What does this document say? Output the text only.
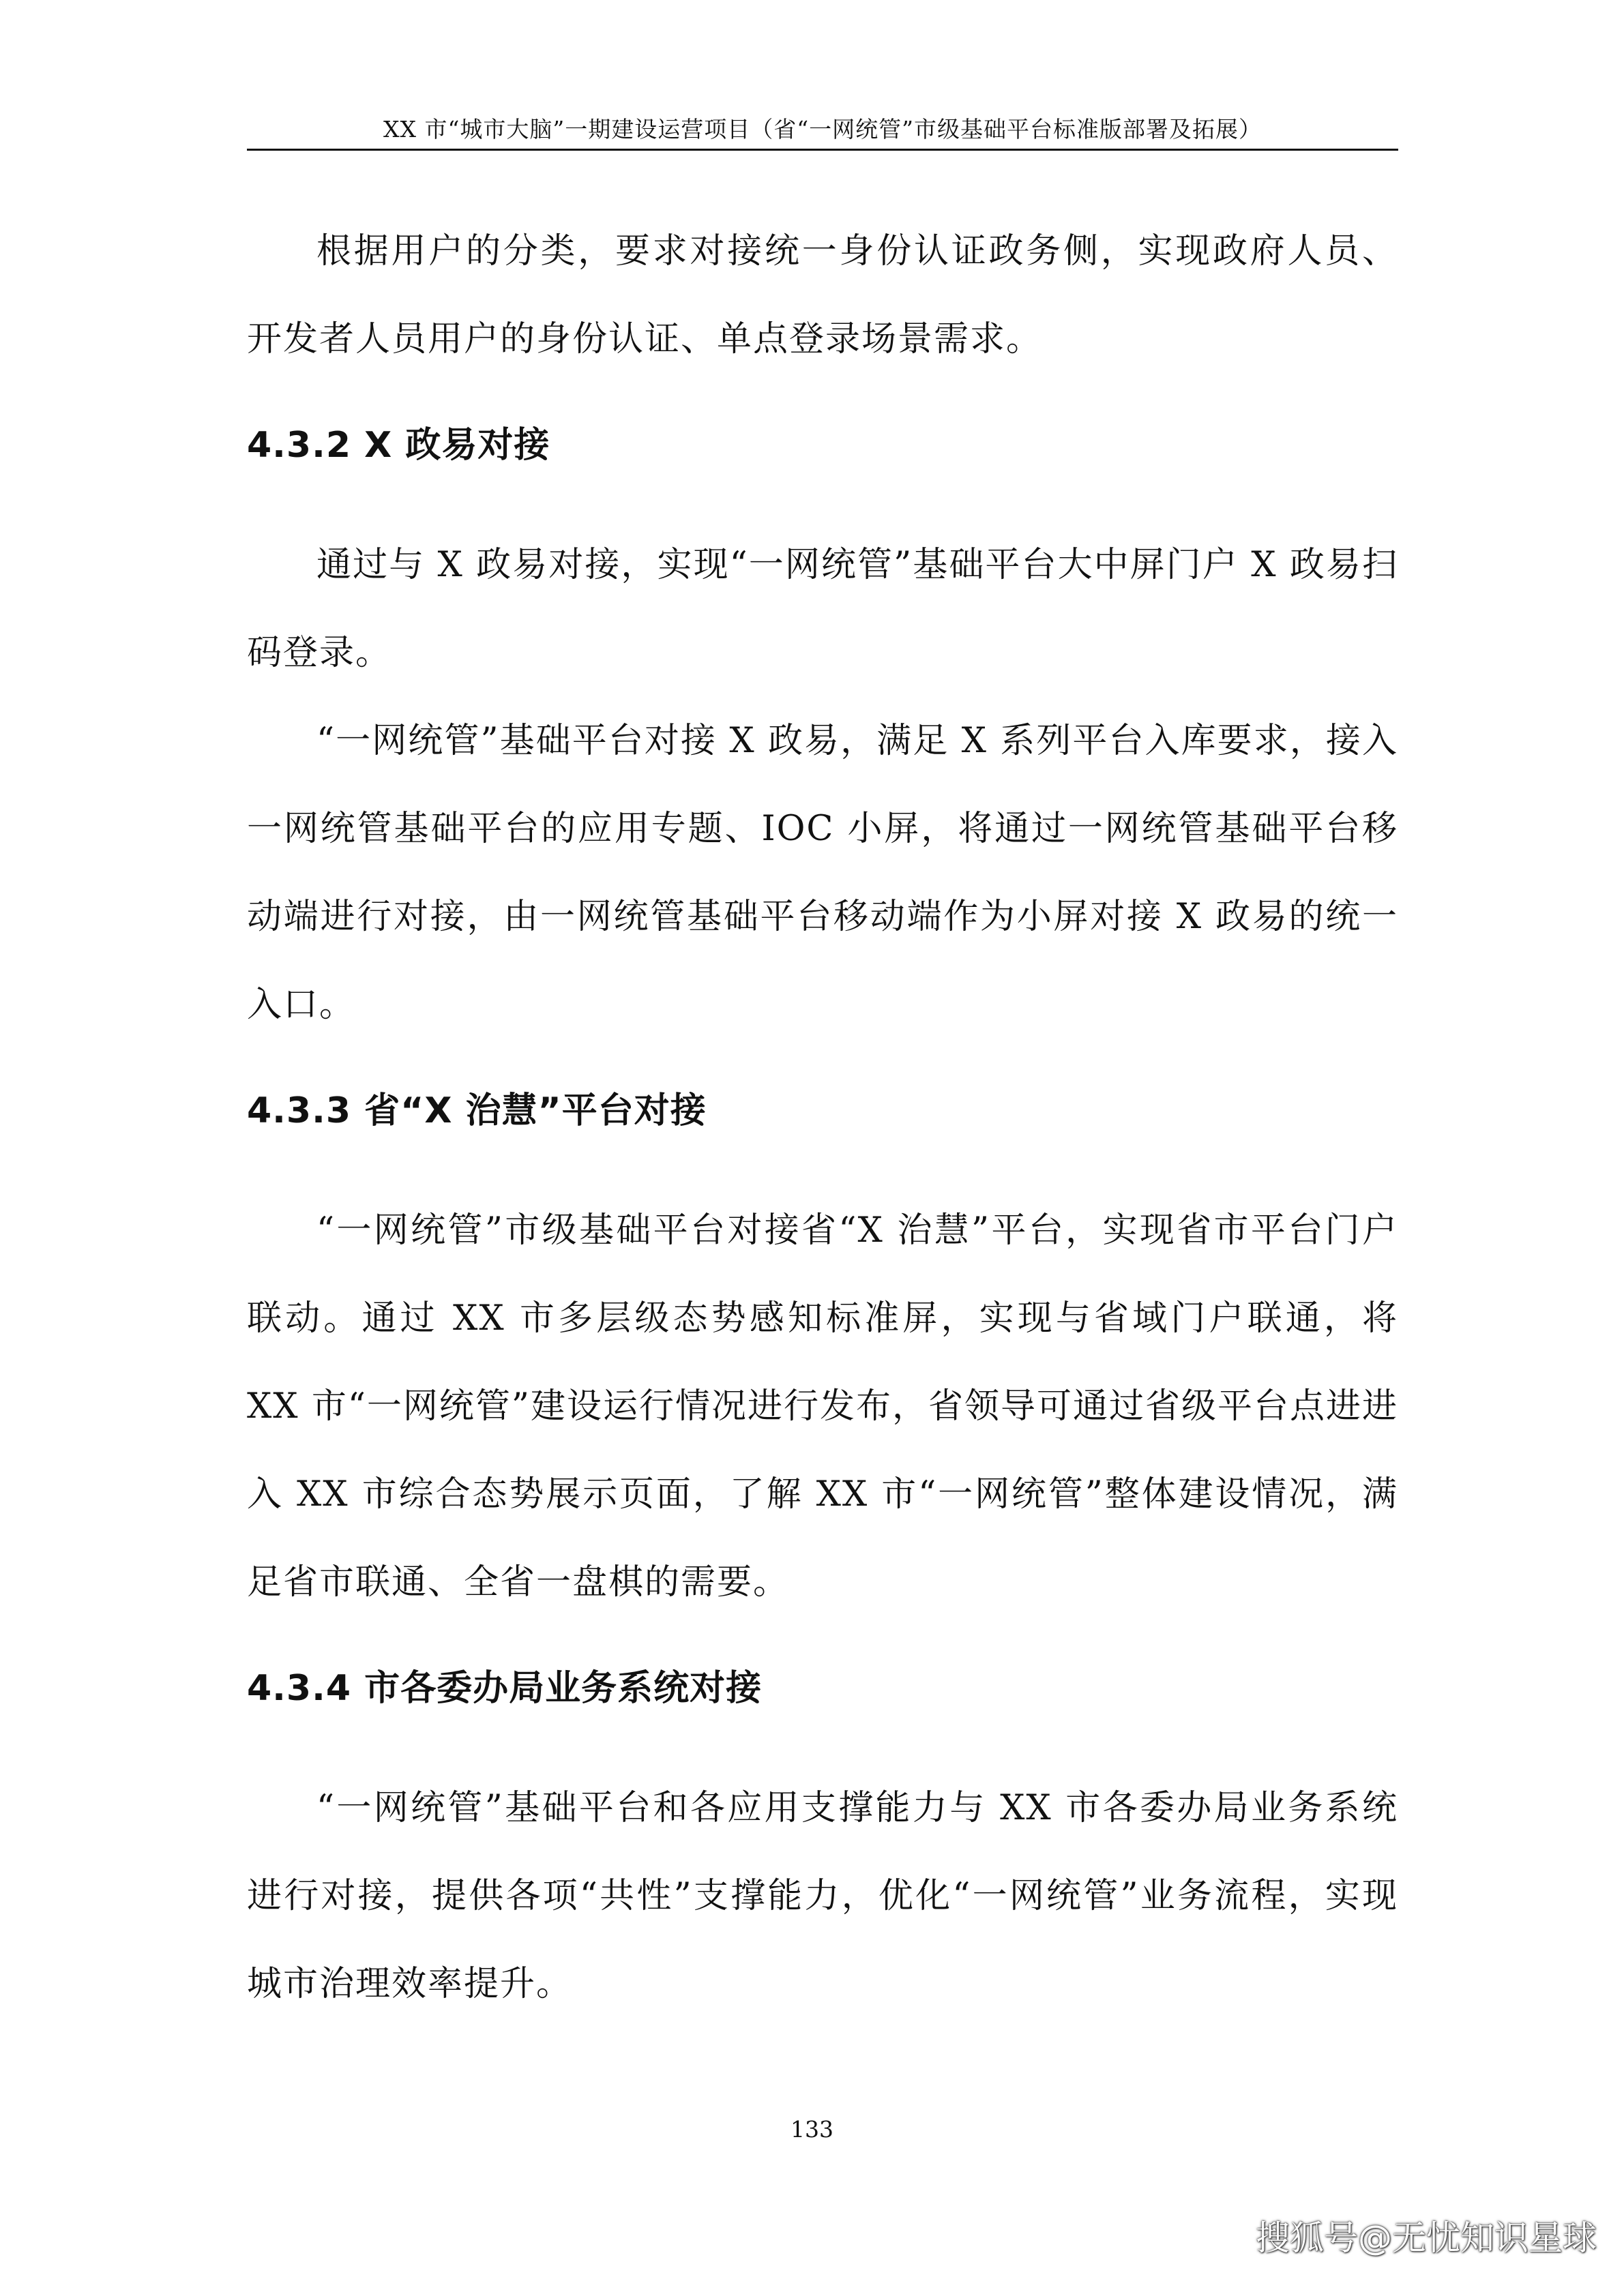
XX 市“城市大脑”一期建设运营项目（省“一网统管”市级基础平台标准版部署及拓展）

根据用户的分类，要求对接统一身份认证政务侧，实现政府人员、开发者人员用户的身份认证、单点登录场景需求。

4.3.2 X 政易对接

通过与 X 政易对接，实现“一网统管”基础平台大中屏门户 X 政易扫码登录。

“一网统管”基础平台对接 X 政易，满足 X 系列平台入库要求，接入一网统管基础平台的应用专题、IOC 小屏，将通过一网统管基础平台移动端进行对接，由一网统管基础平台移动端作为小屏对接 X 政易的统一入口。

4.3.3 省“X 治慧”平台对接

“一网统管”市级基础平台对接省“X 治慧”平台，实现省市平台门户联动。通过 XX 市多层级态势感知标准屏，实现与省域门户联通，将 XX 市“一网统管”建设运行情况进行发布，省领导可通过省级平台点进进入 XX 市综合态势展示页面，了解 XX 市“一网统管”整体建设情况，满足省市联通、全省一盘棋的需要。

4.3.4 市各委办局业务系统对接

“一网统管”基础平台和各应用支撑能力与 XX 市各委办局业务系统进行对接，提供各项“共性”支撑能力，优化“一网统管”业务流程，实现城市治理效率提升。

133
搜狐号@无忧知识星球
